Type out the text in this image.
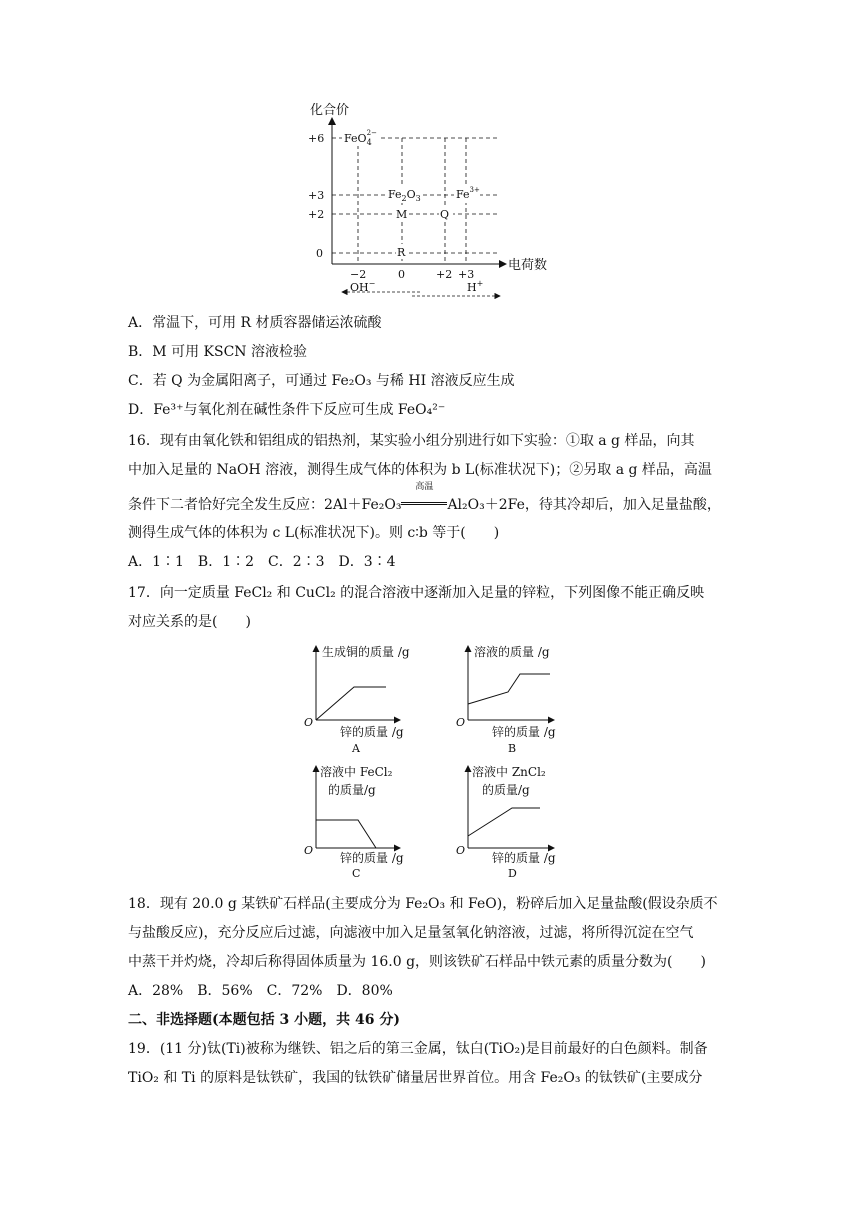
化合价
电荷数
+6
+3
+2
0
−2	0	+2 +3
FeO$_4$2−
$Fe_2O_3$	$Fe^{3+}$
M	Q
R
OH−	H+
A．常温下，可用 R 材质容器储运浓硫酸
B．M 可用 KSCN 溶液检验
C．若 Q 为金属阳离子，可通过 Fe₂O₃ 与稀 HI 溶液反应生成
D．Fe³⁺与氧化剂在碱性条件下反应可生成 FeO₄²⁻
16．现有由氧化铁和铝组成的铝热剂，某实验小组分别进行如下实验：①取 a g 样品，向其
中加入足量的 NaOH 溶液，测得生成气体的体积为 b L(标准状况下)；②另取 a g 样品，高温
条件下二者恰好完全发生反应：2Al＋Fe₂O₃
高温
Al₂O₃＋2Fe，待其冷却后，加入足量盐酸，
测得生成气体的体积为 c L(标准状况下)。则 c∶b 等于(　　)
A．1∶1　B．1∶2　C．2∶3　D．3∶4
17．向一定质量 FeCl₂ 和 CuCl₂ 的混合溶液中逐渐加入足量的锌粒，下列图像不能正确反映
对应关系的是(　　)
生成铜的质量 /g
O
锌的质量 /g
A
溶液的质量 /g
O
锌的质量 /g
B
溶液中 FeCl₂
的质量/g
O
锌的质量 /g
C
溶液中 ZnCl₂
的质量/g
O
锌的质量 /g
D
18．现有 20.0 g 某铁矿石样品(主要成分为 Fe₂O₃ 和 FeO)，粉碎后加入足量盐酸(假设杂质不
与盐酸反应)，充分反应后过滤，向滤液中加入足量氢氧化钠溶液，过滤，将所得沉淀在空气
中蒸干并灼烧，冷却后称得固体质量为 16.0 g，则该铁矿石样品中铁元素的质量分数为(　　)
A．28%　B．56%　C．72%　D．80%
二、非选择题(本题包括 3 小题，共 46 分)
19．(11 分)钛(Ti)被称为继铁、铝之后的第三金属，钛白(TiO₂)是目前最好的白色颜料。制备
TiO₂ 和 Ti 的原料是钛铁矿，我国的钛铁矿储量居世界首位。用含 Fe₂O₃ 的钛铁矿(主要成分
